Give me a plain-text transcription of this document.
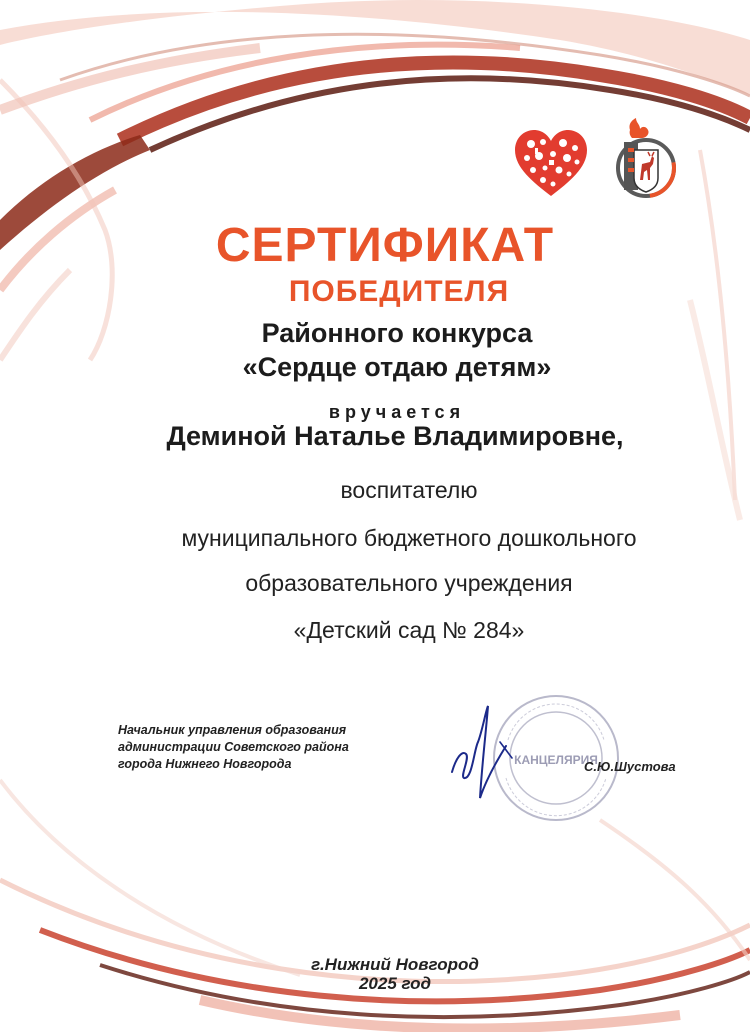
СЕРТИФИКАТ
ПОБЕДИТЕЛЯ
Районного конкурса
«Сердце отдаю детям»
вручается
Деминой Наталье Владимировне,
воспитателю
муниципального бюджетного дошкольного
образовательного учреждения
«Детский сад № 284»
Начальник управления образования
администрации Советского района
города Нижнего Новгорода	КАНЦЕЛЯРИЯ
С.Ю.Шустова
г.Нижний Новгород
2025 год
